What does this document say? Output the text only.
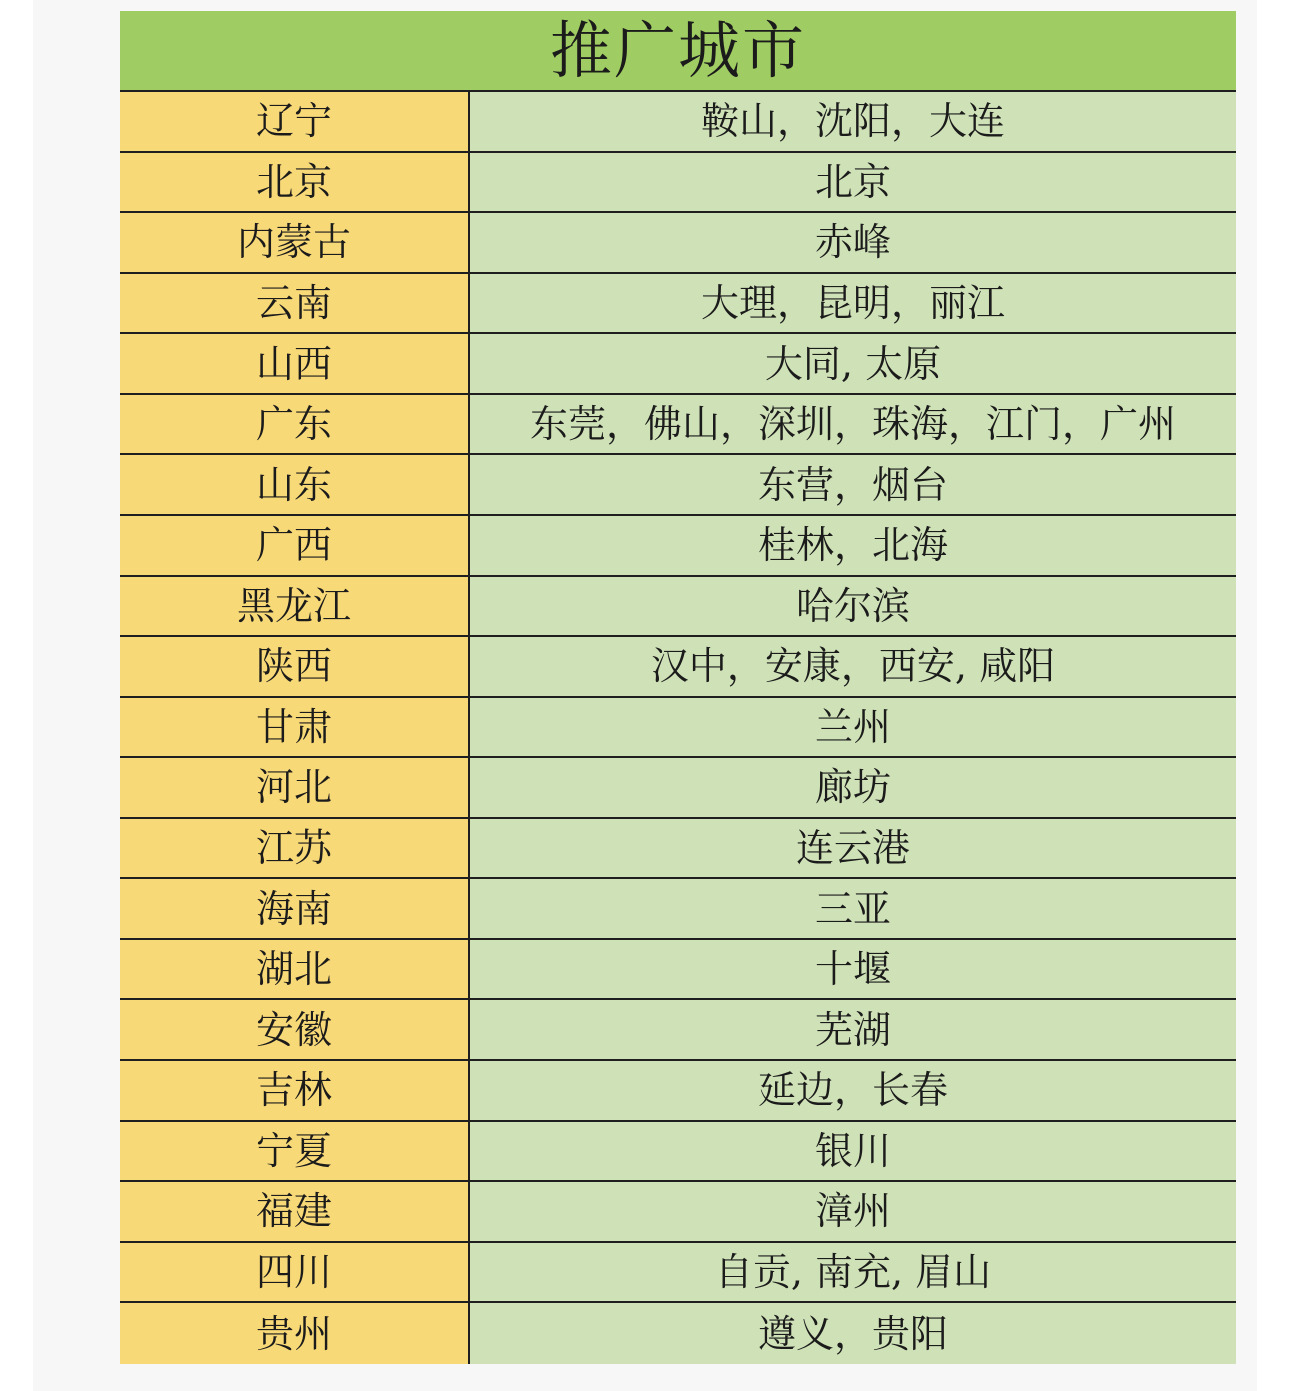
推广城市
辽宁	鞍山，沈阳，大连
北京	北京
内蒙古	赤峰
云南	大理，昆明，丽江
山西	大同, 太原
广东	东莞，佛山，深圳，珠海，江门，广州
山东	东营，烟台
广西	桂林，北海
黑龙江	哈尔滨
陕西	汉中，安康，西安, 咸阳
甘肃	兰州
河北	廊坊
江苏	连云港
海南	三亚
湖北	十堰
安徽	芜湖
吉林	延边，长春
宁夏	银川
福建	漳州
四川	自贡, 南充, 眉山
贵州	遵义，贵阳
